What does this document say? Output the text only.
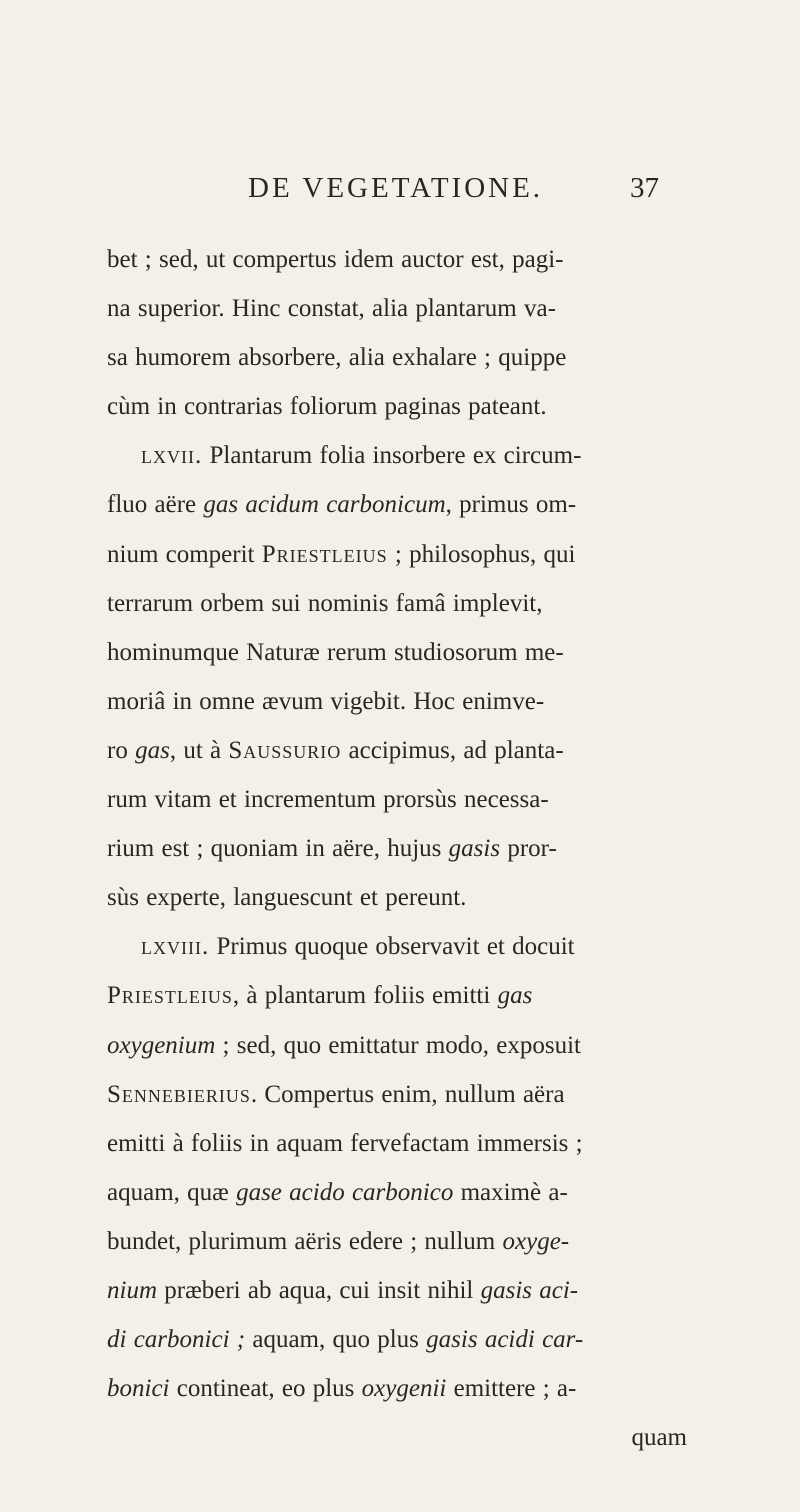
DE VEGETATIONE.	37
bet ; sed, ut compertus idem auctor est, pagi-
na superior. Hinc constat, alia plantarum va-
sa humorem absorbere, alia exhalare ; quippe
cùm in contrarias foliorum paginas pateant.
lxvii. Plantarum folia insorbere ex circum-
fluo aëre gas acidum carbonicum, primus om-
nium comperit Priestleius ; philosophus, qui
terrarum orbem sui nominis famâ implevit,
hominumque Naturæ rerum studiosorum me-
moriâ in omne ævum vigebit. Hoc enimve-
ro gas, ut à Saussurio accipimus, ad planta-
rum vitam et incrementum prorsùs necessa-
rium est ; quoniam in aëre, hujus gasis pror-
sùs experte, languescunt et pereunt.
lxviii. Primus quoque observavit et docuit
Priestleius, à plantarum foliis emitti gas
oxygenium ; sed, quo emittatur modo, exposuit
Sennebierius. Compertus enim, nullum aëra
emitti à foliis in aquam fervefactam immersis ;
aquam, quæ gase acido carbonico maximè a-
bundet, plurimum aëris edere ; nullum oxyge-
nium præberi ab aqua, cui insit nihil gasis aci-
di carbonici ; aquam, quo plus gasis acidi car-
bonici contineat, eo plus oxygenii emittere ; a-
quam
